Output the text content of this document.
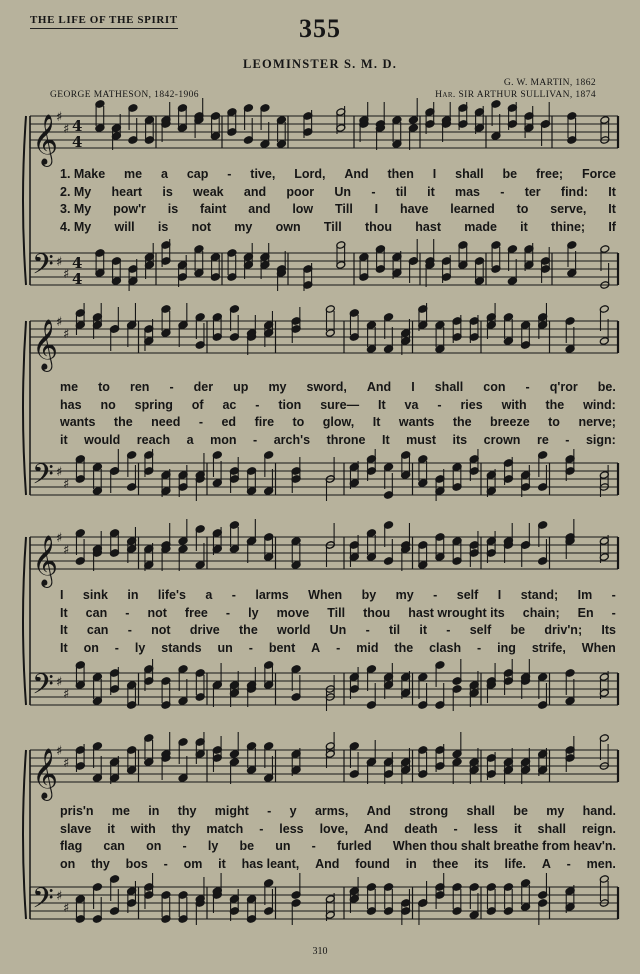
THE LIFE OF THE SPIRIT	355
LEOMINSTER S. M. D.
G. W. MARTIN, 1862
GEORGE MATHESON, 1842-1906	Har. SIR ARTHUR SULLIVAN, 1874
𝄞
♯
♯ 4
4
𝄢 ♯
♯
4
4
𝄞
♯
♯
𝄢 ♯
♯
𝄞
♯
♯
𝄢 ♯
♯
𝄞
♯
♯
𝄢 ♯
♯
1. Make me a cap - tive, Lord, And then I shall be free; Force
2. My heart is weak and poor Un - til it mas - ter find: It
3. My pow'r is faint and low Till I have learned to serve, It
4. My will is not my own Till thou hast made it thine; If
me to ren - der up my sword, And I shall con - q'ror be.
has no spring of ac - tion sure— It va - ries with the wind:
wants the need - ed fire to glow, It wants the breeze to nerve;
it would reach a mon - arch's throne It must its crown re - sign:
I sink in life's a - larms When by my - self I stand; Im -
It can - not free - ly move Till thou hast wrought its chain; En -
It can - not drive the world Un - til it - self be driv'n; Its
It on - ly stands un - bent A - mid the clash - ing strife, When
pris'n me in thy might - y arms, And strong shall be my hand.
slave it with thy match - less love, And death - less it shall reign.
flag can on - ly be un - furled When thou shalt breathe from heav'n.
on thy bos - om it has leant, And found in thee its life. A - men.
310
